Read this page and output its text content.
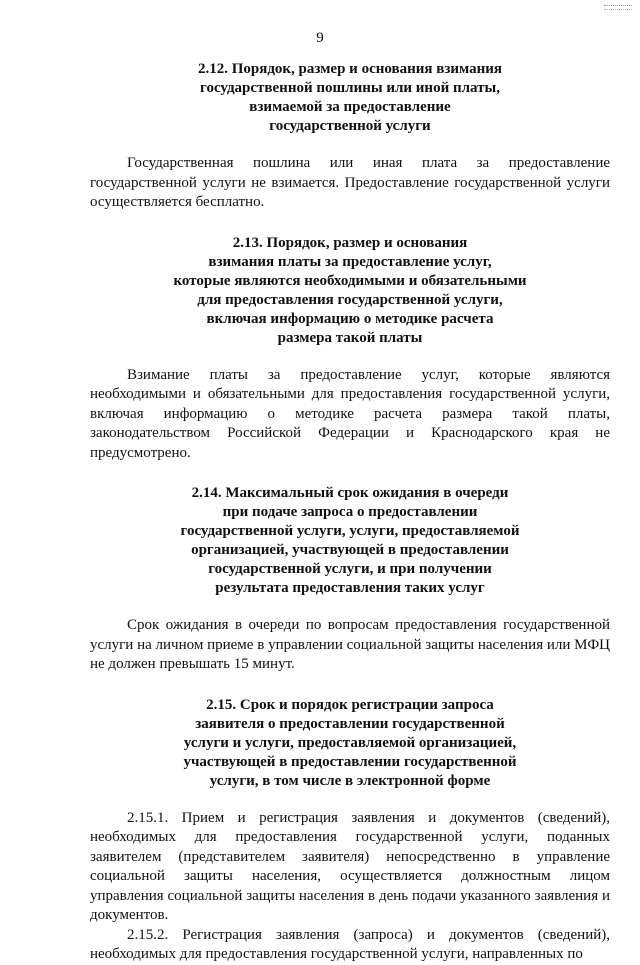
9
2.12. Порядок, размер и основания взимания
государственной пошлины или иной платы,
взимаемой за предоставление
государственной услуги

Государственная пошлина или иная плата за предоставление государственной услуги не взимается. Предоставление государственной услуги осуществляется бесплатно.

2.13. Порядок, размер и основания
взимания платы за предоставление услуг,
которые являются необходимыми и обязательными
для предоставления государственной услуги,
включая информацию о методике расчета
размера такой платы

Взимание платы за предоставление услуг, которые являются необходимыми и обязательными для предоставления государственной услуги, включая информацию о методике расчета размера такой платы, законодательством Российской Федерации и Краснодарского края не предусмотрено.

2.14. Максимальный срок ожидания в очереди
при подаче запроса о предоставлении
государственной услуги, услуги, предоставляемой
организацией, участвующей в предоставлении
государственной услуги, и при получении
результата предоставления таких услуг

Срок ожидания в очереди по вопросам предоставления государственной услуги на личном приеме в управлении социальной защиты населения или МФЦ не должен превышать 15 минут.

2.15. Срок и порядок регистрации запроса
заявителя о предоставлении государственной
услуги и услуги, предоставляемой организацией,
участвующей в предоставлении государственной
услуги, в том числе в электронной форме

2.15.1. Прием и регистрация заявления и документов (сведений), необходимых для предоставления государственной услуги, поданных заявителем (представителем заявителя) непосредственно в управление социальной защиты населения, осуществляется должностным лицом управления социальной защиты населения в день подачи указанного заявления и документов.

2.15.2. Регистрация заявления (запроса) и документов (сведений), необходимых для предоставления государственной услуги, направленных по
